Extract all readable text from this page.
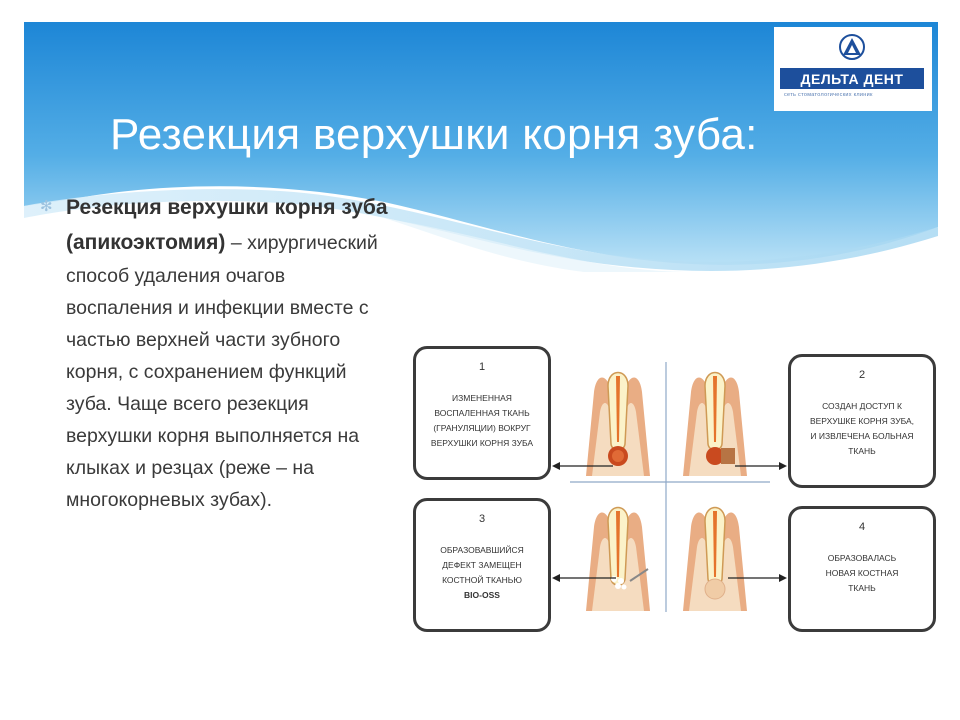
Резекция верхушки корня зуба:
ДЕЛЬТА ДЕНТ
сеть стоматологических клиник
✻ Резекция верхушки корня зуба (апикоэктомия) – хирургический способ удаления очагов воспаления и инфекции вместе с частью верхней части зубного корня, с сохранением функций зуба. Чаще всего резекция верхушки корня выполняется на клыках и резцах (реже – на многокорневых зубах).
1
ИЗМЕНЕННАЯ
ВОСПАЛЕННАЯ ТКАНЬ
(ГРАНУЛЯЦИИ) ВОКРУГ
ВЕРХУШКИ КОРНЯ ЗУБА
2
СОЗДАН ДОСТУП К
ВЕРХУШКЕ КОРНЯ ЗУБА,
И ИЗВЛЕЧЕНА БОЛЬНАЯ
ТКАНЬ
3
ОБРАЗОВАВШИЙСЯ
ДЕФЕКТ ЗАМЕЩЕН
КОСТНОЙ ТКАНЬЮ
BIO-OSS
4
ОБРАЗОВАЛАСЬ
НОВАЯ КОСТНАЯ
ТКАНЬ
